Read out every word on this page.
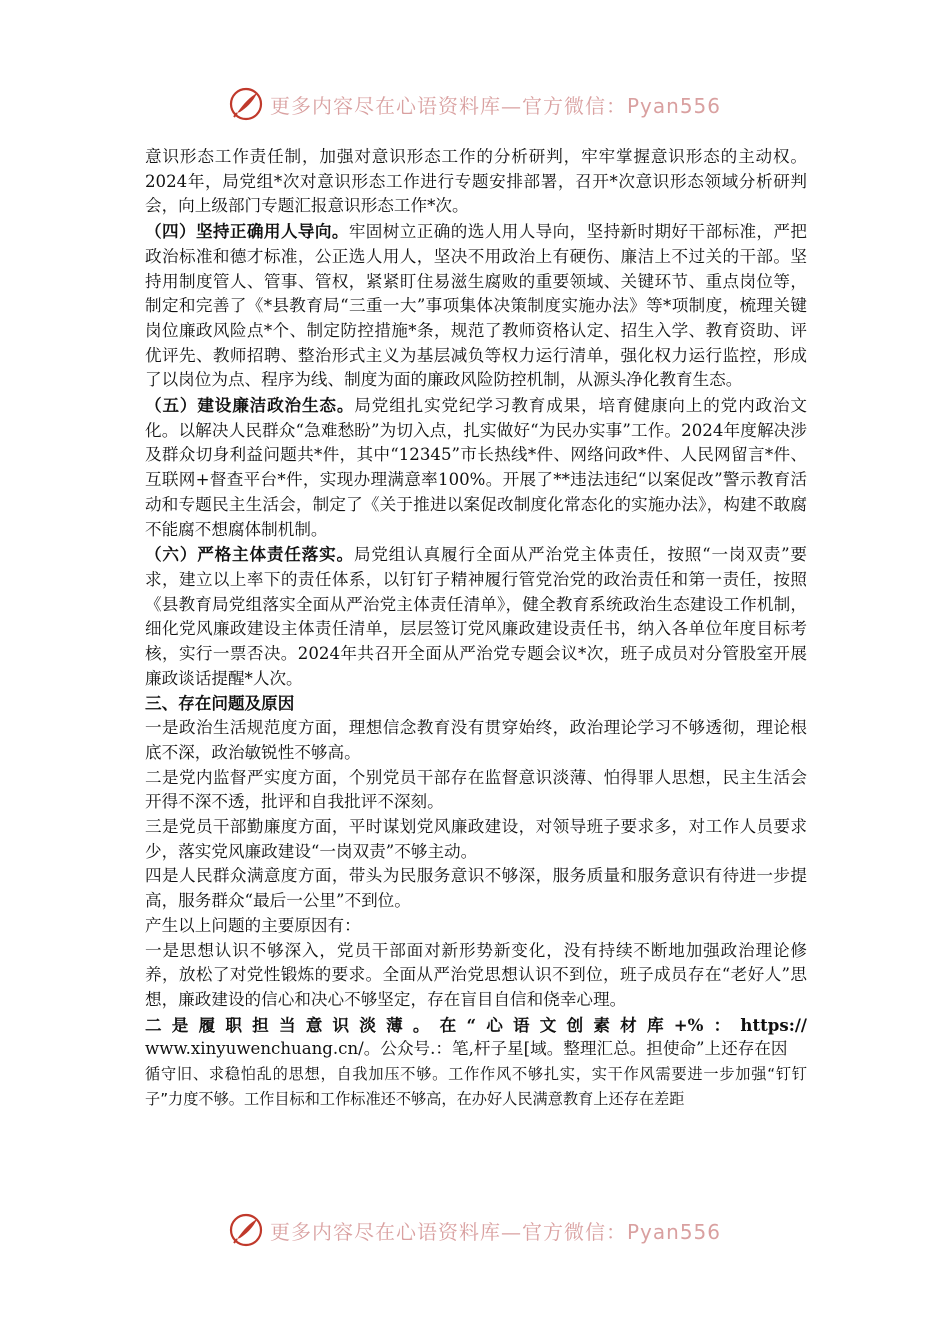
更多内容尽在心语资料库—官方微信：Pyan556

意识形态工作责任制，加强对意识形态工作的分析研判，牢牢掌握意识形态的主动权。2024年，局党组*次对意识形态工作进行专题安排部署，召开*次意识形态领域分析研判会，向上级部门专题汇报意识形态工作*次。

（四）坚持正确用人导向。牢固树立正确的选人用人导向，坚持新时期好干部标准，严把政治标准和德才标准，公正选人用人，坚决不用政治上有硬伤、廉洁上不过关的干部。坚持用制度管人、管事、管权，紧紧盯住易滋生腐败的重要领域、关键环节、重点岗位等，制定和完善了《*县教育局“三重一大”事项集体决策制度实施办法》等*项制度，梳理关键岗位廉政风险点*个、制定防控措施*条，规范了教师资格认定、招生入学、教育资助、评优评先、教师招聘、整治形式主义为基层减负等权力运行清单，强化权力运行监控，形成了以岗位为点、程序为线、制度为面的廉政风险防控机制，从源头净化教育生态。

（五）建设廉洁政治生态。局党组扎实党纪学习教育成果，培育健康向上的党内政治文化。以解决人民群众“急难愁盼”为切入点，扎实做好“为民办实事”工作。2024年度解决涉及群众切身利益问题共*件，其中“12345”市长热线*件、网络问政*件、人民网留言*件、互联网+督查平台*件，实现办理满意率100%。开展了**违法违纪“以案促改”警示教育活动和专题民主生活会，制定了《关于推进以案促改制度化常态化的实施办法》，构建不敢腐不能腐不想腐体制机制。

（六）严格主体责任落实。局党组认真履行全面从严治党主体责任，按照“一岗双责”要求，建立以上率下的责任体系，以钉钉子精神履行管党治党的政治责任和第一责任，按照《县教育局党组落实全面从严治党主体责任清单》，健全教育系统政治生态建设工作机制，细化党风廉政建设主体责任清单，层层签订党风廉政建设责任书，纳入各单位年度目标考核，实行一票否决。2024年共召开全面从严治党专题会议*次，班子成员对分管股室开展廉政谈话提醒*人次。

三、存在问题及原因

一是政治生活规范度方面，理想信念教育没有贯穿始终，政治理论学习不够透彻，理论根底不深，政治敏锐性不够高。

二是党内监督严实度方面，个别党员干部存在监督意识淡薄、怕得罪人思想，民主生活会开得不深不透，批评和自我批评不深刻。

三是党员干部勤廉度方面，平时谋划党风廉政建设，对领导班子要求多，对工作人员要求少，落实党风廉政建设“一岗双责”不够主动。

四是人民群众满意度方面，带头为民服务意识不够深，服务质量和服务意识有待进一步提高，服务群众“最后一公里”不到位。

产生以上问题的主要原因有：

一是思想认识不够深入，党员干部面对新形势新变化，没有持续不断地加强政治理论修养，放松了对党性锻炼的要求。全面从严治党思想认识不到位，班子成员存在“老好人”思想，廉政建设的信心和决心不够坚定，存在盲目自信和侥幸心理。

二是履职担当意识淡薄。在“心语文创素材库+%：https://

www.xinyuwenchuang.cn/。公众号.：笔,杆子星[域。整理汇总。担使命”上还存在因

循守旧、求稳怕乱的思想，自我加压不够。工作作风不够扎实，实干作风需要进一步加强“钉钉子”力度不够。工作目标和工作标准还不够高，在办好人民满意教育上还存在差距

更多内容尽在心语资料库—官方微信：Pyan556
